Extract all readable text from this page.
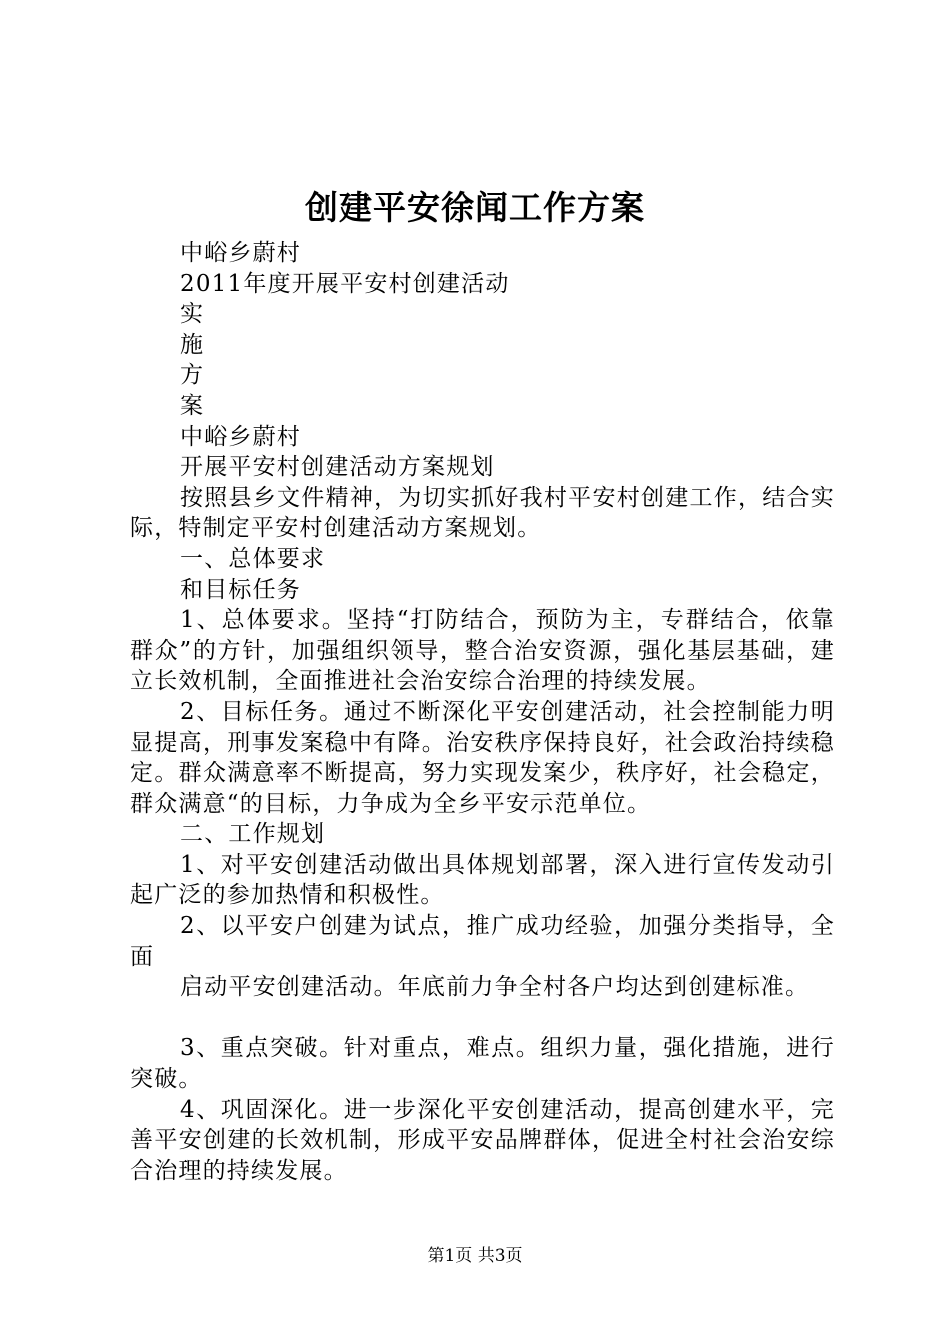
创建平安徐闻工作方案

中峪乡蔚村

2011年度开展平安村创建活动

实

施

方

案

中峪乡蔚村

开展平安村创建活动方案规划

按照县乡文件精神，为切实抓好我村平安村创建工作，结合实际，特制定平安村创建活动方案规划。

一、总体要求

和目标任务

1、总体要求。坚持“打防结合，预防为主，专群结合，依靠群众”的方针，加强组织领导，整合治安资源，强化基层基础，建立长效机制，全面推进社会治安综合治理的持续发展。

2、目标任务。通过不断深化平安创建活动，社会控制能力明显提高，刑事发案稳中有降。治安秩序保持良好，社会政治持续稳定。群众满意率不断提高，努力实现发案少，秩序好，社会稳定，群众满意“的目标，力争成为全乡平安示范单位。

二、工作规划

1、对平安创建活动做出具体规划部署，深入进行宣传发动引起广泛的参加热情和积极性。

2、以平安户创建为试点，推广成功经验，加强分类指导，全面

启动平安创建活动。年底前力争全村各户均达到创建标准。

3、重点突破。针对重点，难点。组织力量，强化措施，进行突破。

4、巩固深化。进一步深化平安创建活动，提高创建水平，完善平安创建的长效机制，形成平安品牌群体，促进全村社会治安综合治理的持续发展。

第1页 共3页
